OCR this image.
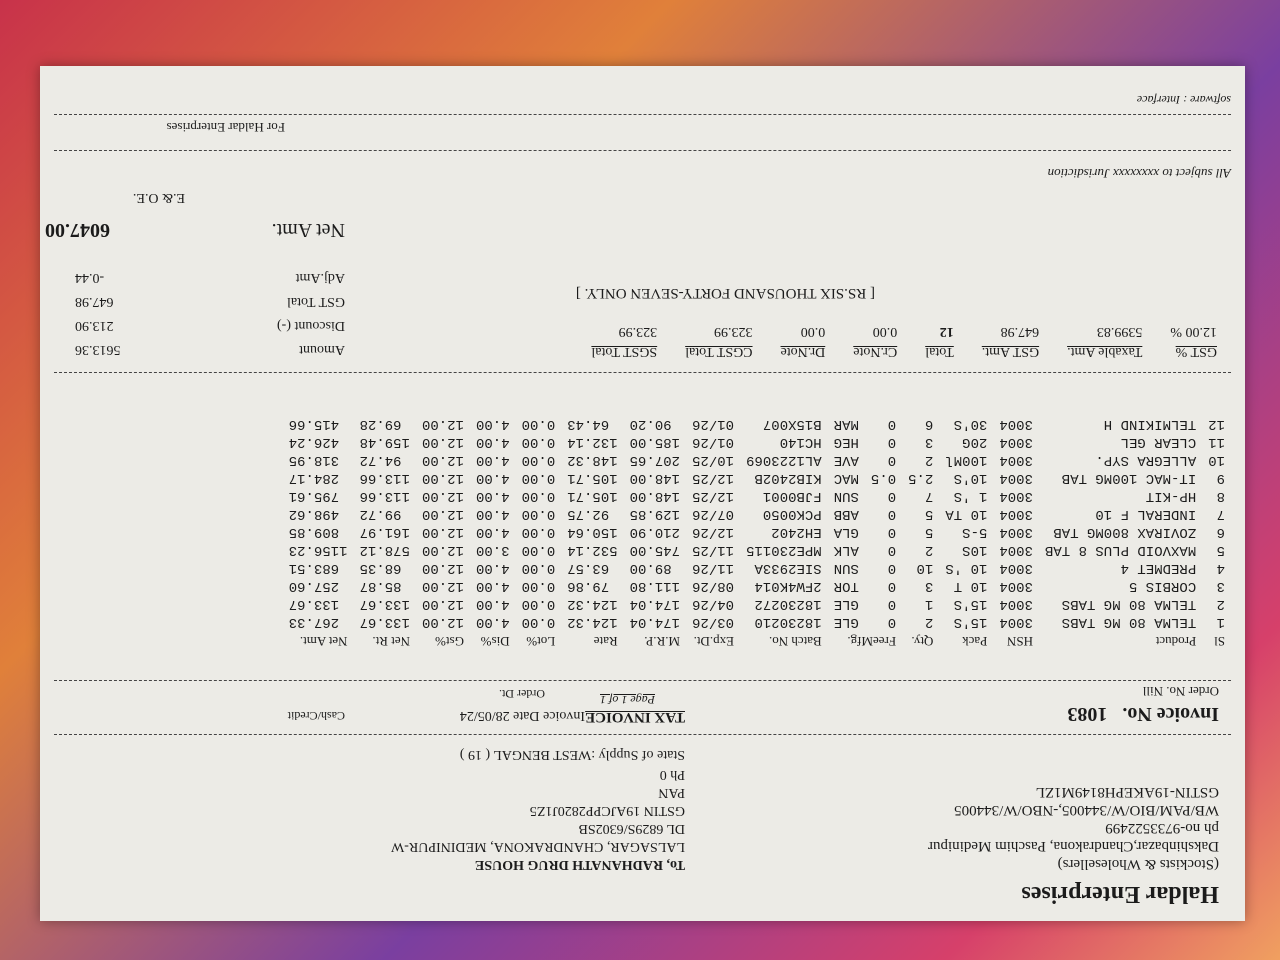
Haldar Enterprises
(Stockists & Wholesellers)
Dakshinbazar,Chandrakona, Paschim Medinipur
ph no-9733522499
WB/PAM/BIO/W/344005,-NBO/W/344005
GSTIN-19AKEPH8149M1ZL
To, RADHANATH DRUG HOUSE
LALSAGAR, CHANDRAKONA, MEDINIPUR-W
DL 6829S/6302SB
GSTIN 19AJCPP2820J1Z5
PAN
Ph 0
State of Supply :WEST BENGAL ( 19 )
Invoice No.   1083
Order No. Nill
TAX INVOICE
Page 1 of 1
Invoice Date 28/05/24
Order Dt.
Cash/Credit
Sl	Product	HSN	Pack	Qty.	FreeMfg.		Batch No.	Exp.Dt.	M.R.P.	Rate	Lot%	Dis%	Gst%	Net Rt.	Net Amt.
1	TELMA 80 MG TABS	3004	15'S	2	0	GLE	18230210	03/26	174.04	124.32	0.00	4.00	12.00	133.67	267.33
2	TELMA 80 MG TABS	3004	15'S	1	0	GLE	18230272	04/26	174.04	124.32	0.00	4.00	12.00	133.67	133.67
3	CORBIS 5	3004	10 T	3	0	TOR	2FW4K014	08/26	111.80	79.86	0.00	4.00	12.00	85.87	257.60
4	PREDMET 4	3004	10 'S	10	0	SUN	SIE2933A	11/26	89.00	63.57	0.00	4.00	12.00	68.35	683.51
5	MAXVOID PLUS 8 TAB	3004	10S	2	0	ALK	MPE230115	11/25	745.00	532.14	0.00	3.00	12.00	578.12	1156.23
6	ZOVIRAX 800MG TAB	3004	5-S	5	0	GLA	EH2402	12/26	210.90	150.64	0.00	4.00	12.00	161.97	809.85
7	INDERAL F 10	3004	10 TA	5	0	ABB	PCK0050	07/26	129.85	92.75	0.00	4.00	12.00	99.72	498.62
8	HP-KIT	3004	1 'S	7	0	SUN	FJB0001	12/25	148.00	105.71	0.00	4.00	12.00	113.66	795.61
9	IT-MAC 100MG TAB	3004	10'S	2.5	0.5	MAC	KIB2402B	12/25	148.00	105.71	0.00	4.00	12.00	113.66	284.17
10	ALLEGRA SYP.	3004	100Ml	2	0	AVE	AL1223069	10/25	207.65	148.32	0.00	4.00	12.00	94.72	318.95
11	CLEAR GEL	3004	20G	3	0	HEG	HC140	01/26	185.00	132.14	0.00	4.00	12.00	159.48	426.24
12	TELMIKIND H	3004	30'S	6	0	MAR	B15X007	01/26	90.20	64.43	0.00	4.00	12.00	69.28	415.66
GST %	Taxable Amt.	GST Amt.	Total	Cr.Note	Dr.Note	CGST Total	SGST Total
12.00 %	5399.83	647.98	12	0.00	0.00	323.99	323.99
Amount
5613.36
Discount (-)
213.90
GST Total
647.98
Adj.Amt
-0.44
[ RS.SIX THOUSAND FORTY-SEVEN ONLY. ]
Net Amt.
6047.00
E.& O.E.
All subject to xxxxxxxx Jurisdiction
For Haldar Enterprises
software : Interface
